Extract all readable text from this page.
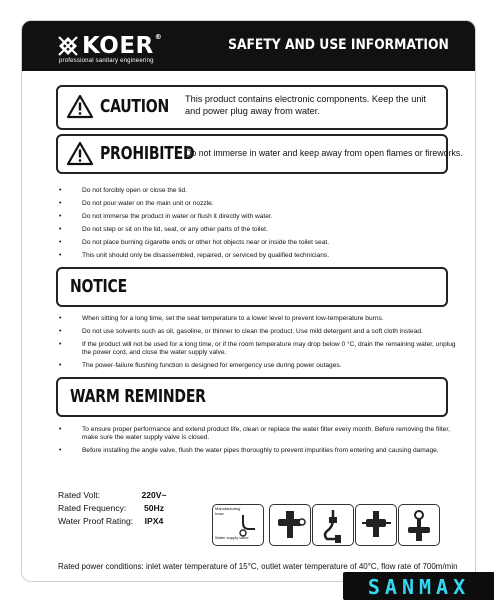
KOER®
professional sanitary engineering
SAFETY AND USE INFORMATION
CAUTION This product contains electronic components. Keep the unit and power plug away from water.
PROHIBITED
Do not immerse in water and keep away from open flames or fireworks.
• Do not forcibly open or close the lid.
• Do not pour water on the main unit or nozzle.
• Do not immerse the product in water or flush it directly with water.
• Do not step or sit on the lid, seat, or any other parts of the toilet.
• Do not place burning cigarette ends or other hot objects near or inside the toilet seat.
• This unit should only be disassembled, repaired, or serviced by qualified technicians.
NOTICE
• When sitting for a long time, set the seat temperature to a lower level to prevent low-temperature burns.
• Do not use solvents such as oil, gasoline, or thinner to clean the product. Use mild detergent and a soft cloth instead.
• If the product will not be used for a long time, or if the room temperature may drop below 0 °C, drain the remaining water, unplug the power cord, and close the water supply valve.
• The power-failure flushing function is designed for emergency use during power outages.
WARM REMINDER
• To ensure proper performance and extend product life, clean or replace the water filter every month. Before removing the filter, make sure the water supply valve is closed.
• Before installing the angle valve, flush the water pipes thoroughly to prevent impurities from entering and causing damage.
Rated Volt:	220V~
Rated Frequency: 50Hz
Water Proof Rating: IPX4
Manufacturing hose
Water supply valve
Rated power conditions: inlet water temperature of 15°C, outlet water temperature of 40°C, flow rate of 700m/min
SANMAX
